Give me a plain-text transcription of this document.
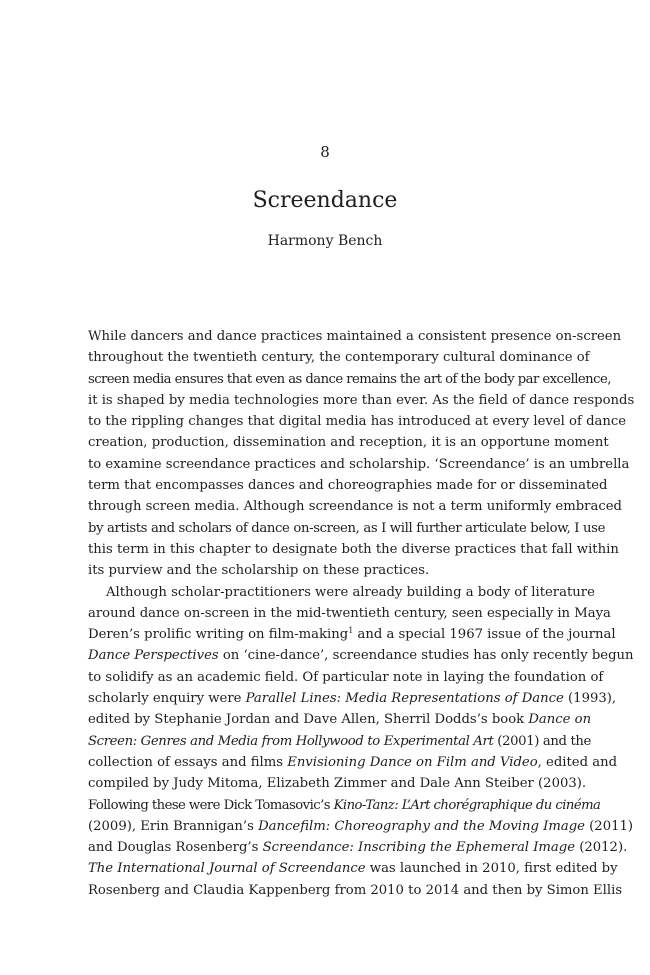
8
Screendance
Harmony Bench
While dancers and dance practices maintained a consistent presence on-screen
throughout the twentieth century, the contemporary cultural dominance of
screen media ensures that even as dance remains the art of the body par excellence,
it is shaped by media technologies more than ever. As the field of dance responds
to the rippling changes that digital media has introduced at every level of dance
creation, production, dissemination and reception, it is an opportune moment
to examine screendance practices and scholarship. ‘Screendance’ is an umbrella
term that encompasses dances and choreographies made for or disseminated
through screen media. Although screendance is not a term uniformly embraced
by artists and scholars of dance on-screen, as I will further articulate below, I use
this term in this chapter to designate both the diverse practices that fall within
its purview and the scholarship on these practices.
Although scholar-practitioners were already building a body of literature
around dance on-screen in the mid-twentieth century, seen especially in Maya
Deren’s prolific writing on film-making$^1$ and a special 1967 issue of the journal
Dance Perspectives on ‘cine-dance’, screendance studies has only recently begun
to solidify as an academic field. Of particular note in laying the foundation of
scholarly enquiry were Parallel Lines: Media Representations of Dance (1993),
edited by Stephanie Jordan and Dave Allen, Sherril Dodds’s book Dance on
Screen: Genres and Media from Hollywood to Experimental Art (2001) and the
collection of essays and films Envisioning Dance on Film and Video, edited and
compiled by Judy Mitoma, Elizabeth Zimmer and Dale Ann Steiber (2003).
Following these were Dick Tomasovic’s Kino-Tanz: L’Art chorégraphique du cinéma
(2009), Erin Brannigan’s Dancefilm: Choreography and the Moving Image (2011)
and Douglas Rosenberg’s Screendance: Inscribing the Ephemeral Image (2012).
The International Journal of Screendance was launched in 2010, first edited by
Rosenberg and Claudia Kappenberg from 2010 to 2014 and then by Simon Ellis
